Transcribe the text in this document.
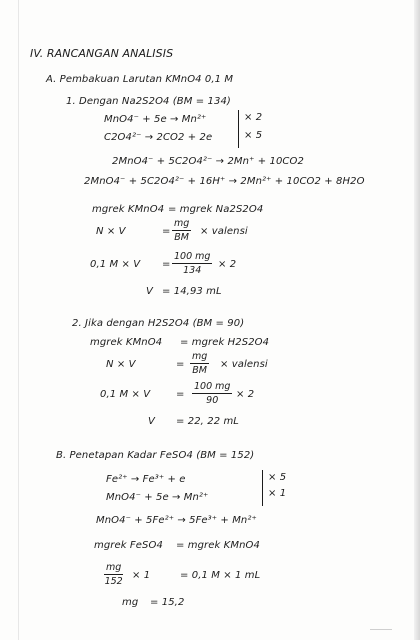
IV. RANCANGAN ANALISIS
A. Pembakuan Larutan KMnO4 0,1 M
1. Dengan Na2S2O4 (BM = 134)
MnO4⁻ + 5e → Mn²⁺
C2O4²⁻ → 2CO2 + 2e
× 2
× 5
2MnO4⁻ + 5C2O4²⁻ → 2Mn⁺ + 10CO2
2MnO4⁻ + 5C2O4²⁻ + 16H⁺ → 2Mn²⁺ + 10CO2 + 8H2O
mgrek KMnO4 = mgrek Na2S2O4
N × V	= $\frac{mg}{BM}$ × valensi
0,1 $M \times V = \frac{100 mg}{134} \times 2$
V = 14,93 mL
2. Jika dengan H2S2O4 (BM = 90)
mgrek KMnO4 = mgrek H2S2O4
N × V	= $\frac{mg}{BM}$ × valensi
0,1 M × V	= $\frac{100 mg}{90} \times 2$
V = 22, 22 mL
B. Penetapan Kadar FeSO4 (BM = 152)
Fe²⁺ → Fe³⁺ + e
MnO4⁻ + 5e → Mn²⁺
× 5
× 1
MnO4⁻ + 5Fe²⁺ → 5Fe³⁺ + Mn²⁺
mgrek FeSO4 = mgrek KMnO4
$\frac{mg}{152} \times 1$	= 0,1 M × 1 mL
mg = 15,2
